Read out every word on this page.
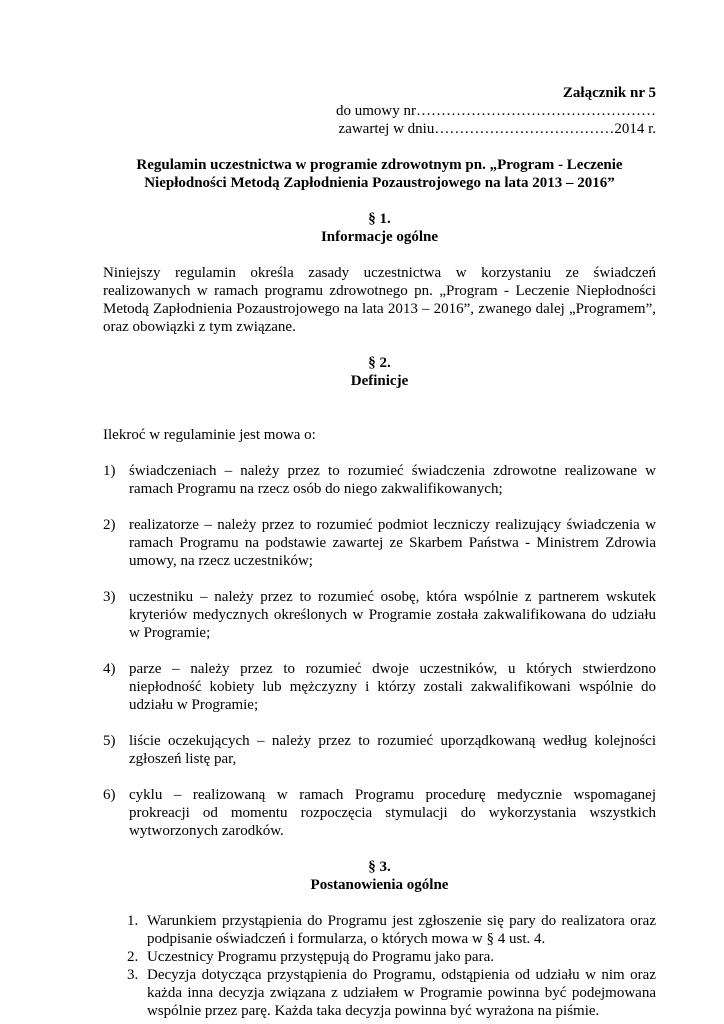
Załącznik nr 5
do umowy nr…………………………………………
zawartej w dniu………………………………2014 r.
Regulamin uczestnictwa w programie zdrowotnym pn. „Program - Leczenie
Niepłodności Metodą Zapłodnienia Pozaustrojowego na lata 2013 – 2016”
§ 1.
Informacje ogólne
Niniejszy regulamin określa zasady uczestnictwa w korzystaniu ze świadczeń realizowanych w ramach programu zdrowotnego pn. „Program - Leczenie Niepłodności Metodą Zapłodnienia Pozaustrojowego na lata 2013 – 2016”, zwanego dalej „Programem”, oraz obowiązki z tym związane.
§ 2.
Definicje
Ilekroć w regulaminie jest mowa o:
1) świadczeniach – należy przez to rozumieć świadczenia zdrowotne realizowane w ramach Programu na rzecz osób do niego zakwalifikowanych;
2) realizatorze – należy przez to rozumieć podmiot leczniczy realizujący świadczenia w ramach Programu na podstawie zawartej ze Skarbem Państwa - Ministrem Zdrowia umowy, na rzecz uczestników;
3) uczestniku – należy przez to rozumieć osobę, która wspólnie z partnerem wskutek kryteriów medycznych określonych w Programie została zakwalifikowana do udziału w Programie;
4) parze – należy przez to rozumieć dwoje uczestników, u których stwierdzono niepłodność kobiety lub mężczyzny i którzy zostali zakwalifikowani wspólnie do udziału w Programie;
5) liście oczekujących – należy przez to rozumieć uporządkowaną według kolejności zgłoszeń listę par,
6) cyklu – realizowaną w ramach Programu procedurę medycznie wspomaganej prokreacji od momentu rozpoczęcia stymulacji do wykorzystania wszystkich wytworzonych zarodków.
§ 3.
Postanowienia ogólne
1. Warunkiem przystąpienia do Programu jest zgłoszenie się pary do realizatora oraz podpisanie oświadczeń i formularza, o których mowa w § 4 ust. 4.
2. Uczestnicy Programu przystępują do Programu jako para.
3. Decyzja dotycząca przystąpienia do Programu, odstąpienia od udziału w nim oraz każda inna decyzja związana z udziałem w Programie powinna być podejmowana wspólnie przez parę. Każda taka decyzja powinna być wyrażona na piśmie.
